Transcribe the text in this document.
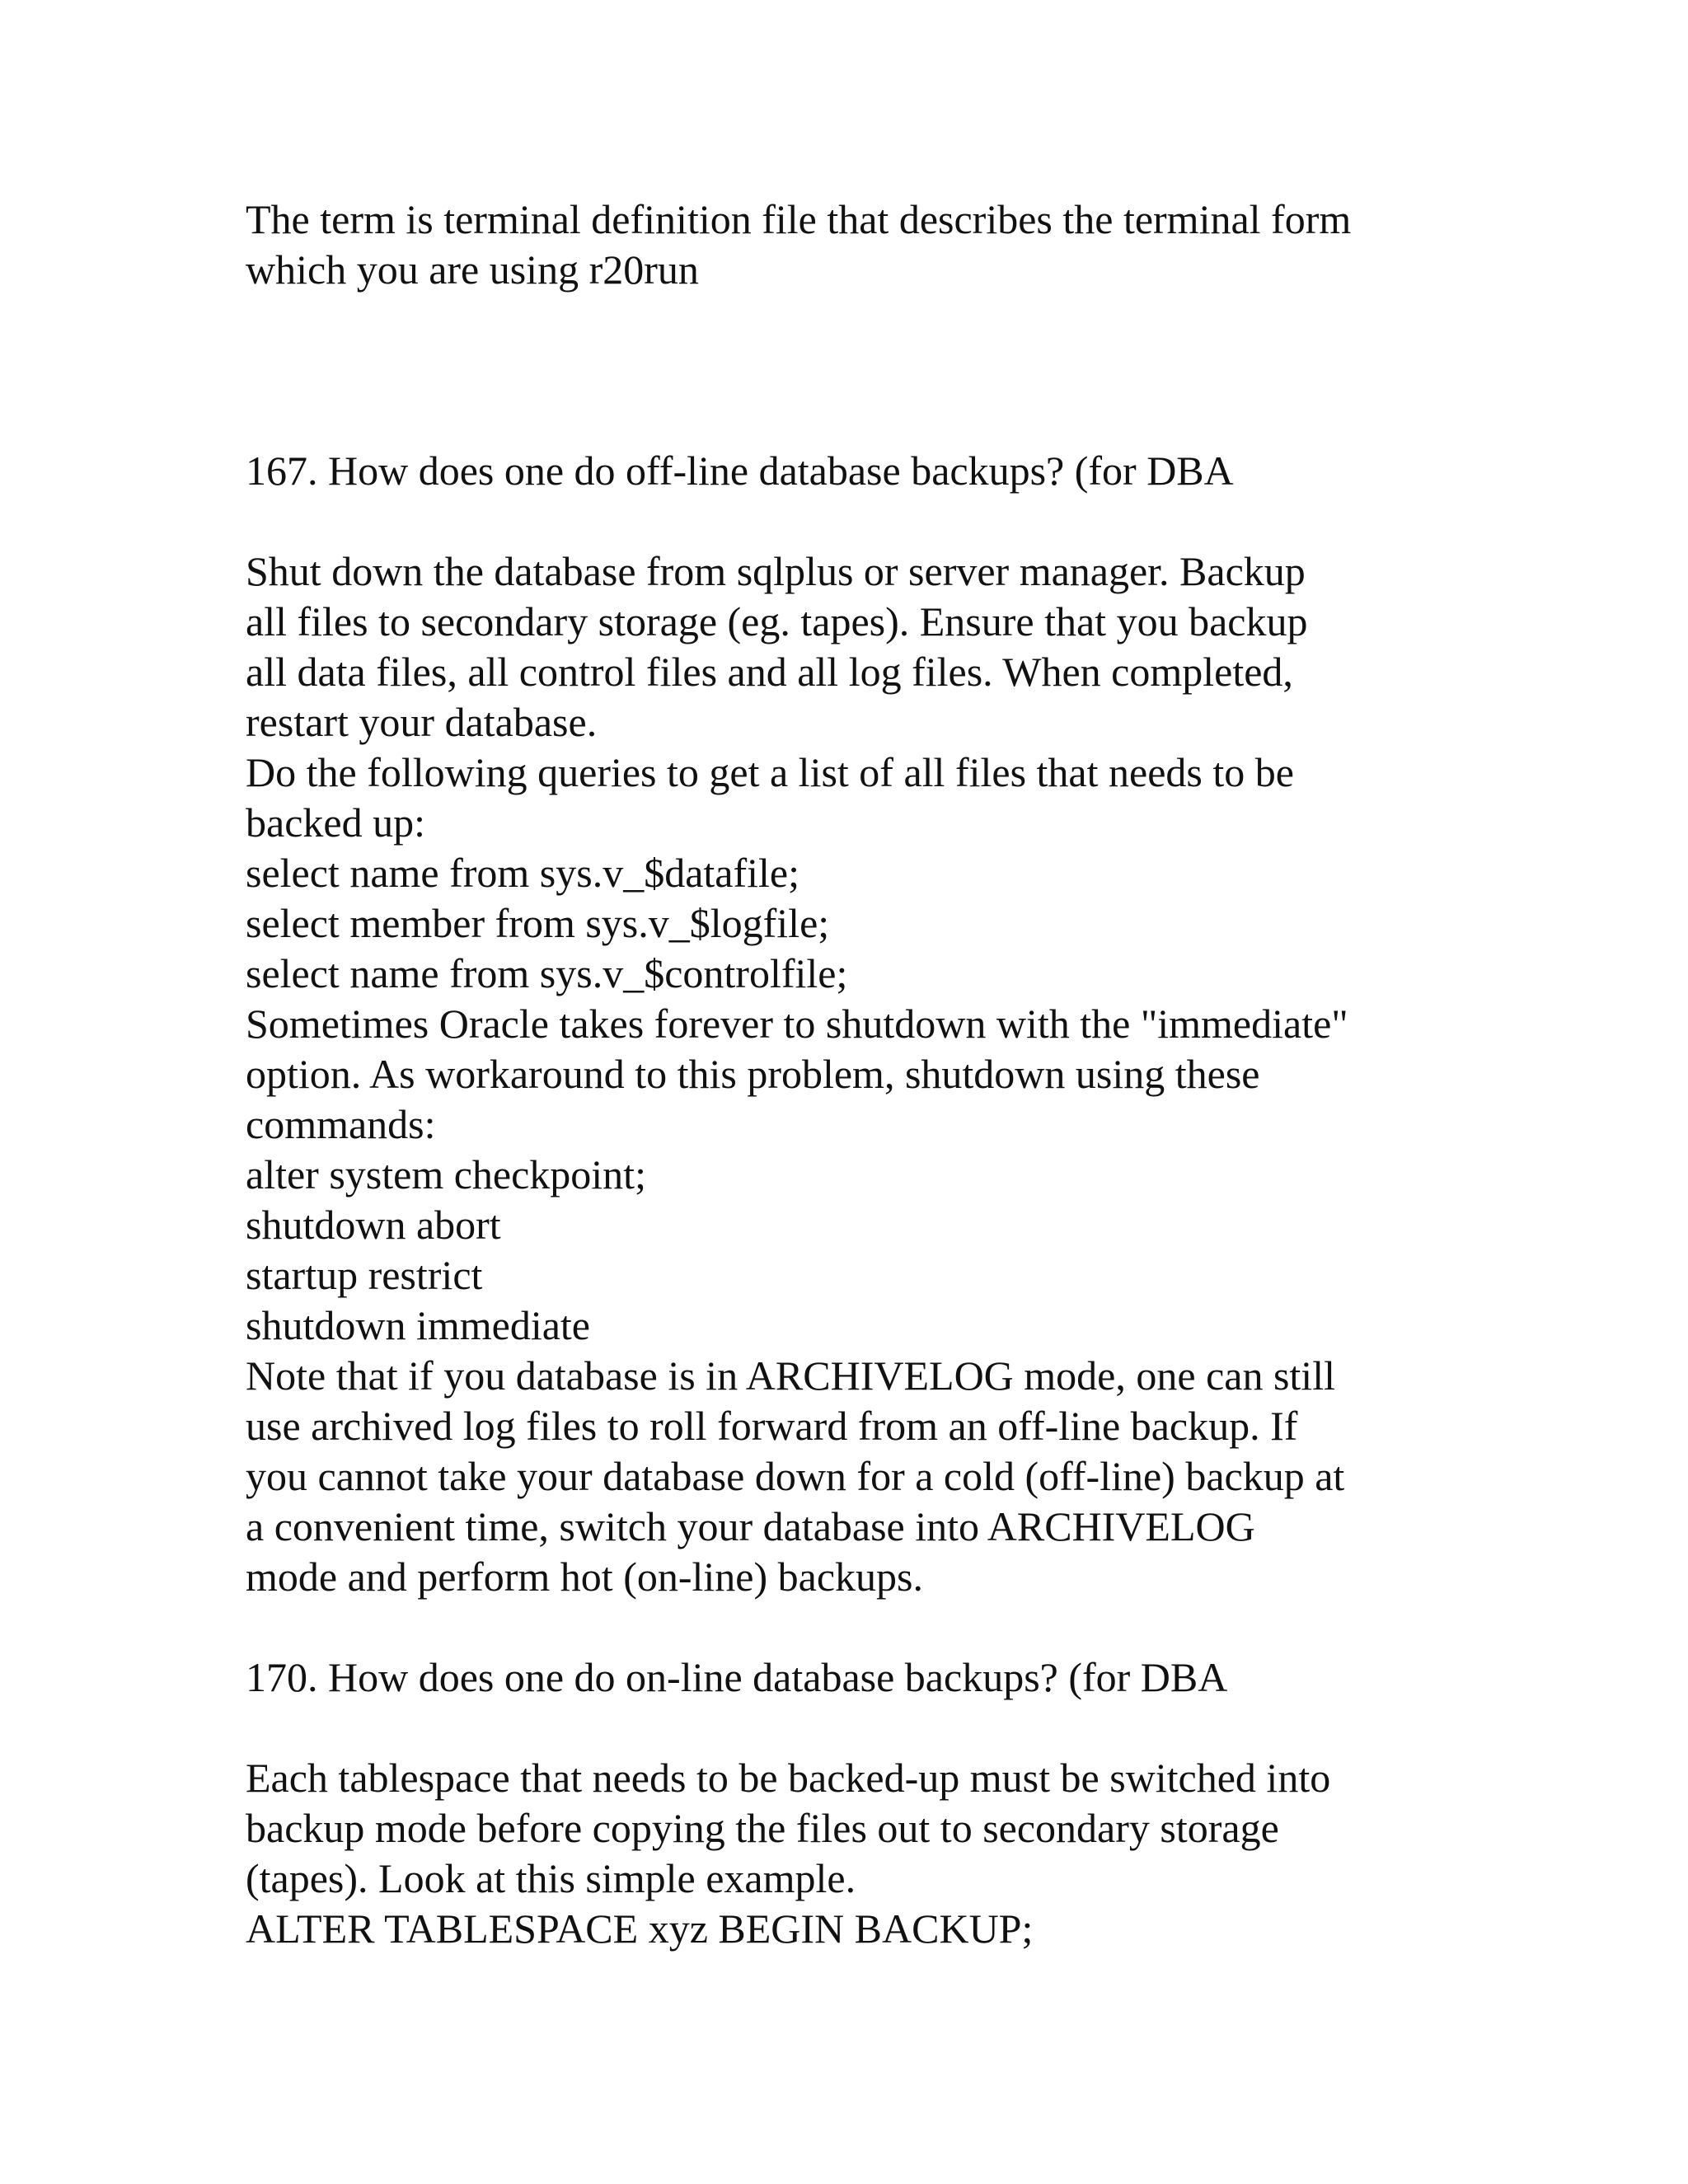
The term is terminal definition file that describes the terminal form
which you are using r20run
167. How does one do off-line database backups? (for DBA
Shut down the database from sqlplus or server manager. Backup
all files to secondary storage (eg. tapes). Ensure that you backup
all data files, all control files and all log files. When completed,
restart your database.
Do the following queries to get a list of all files that needs to be
backed up:
select name from sys.v_$datafile;
select member from sys.v_$logfile;
select name from sys.v_$controlfile;
Sometimes Oracle takes forever to shutdown with the "immediate"
option. As workaround to this problem, shutdown using these
commands:
alter system checkpoint;
shutdown abort
startup restrict
shutdown immediate
Note that if you database is in ARCHIVELOG mode, one can still
use archived log files to roll forward from an off-line backup. If
you cannot take your database down for a cold (off-line) backup at
a convenient time, switch your database into ARCHIVELOG
mode and perform hot (on-line) backups.
170. How does one do on-line database backups? (for DBA
Each tablespace that needs to be backed-up must be switched into
backup mode before copying the files out to secondary storage
(tapes). Look at this simple example.
ALTER TABLESPACE xyz BEGIN BACKUP;
